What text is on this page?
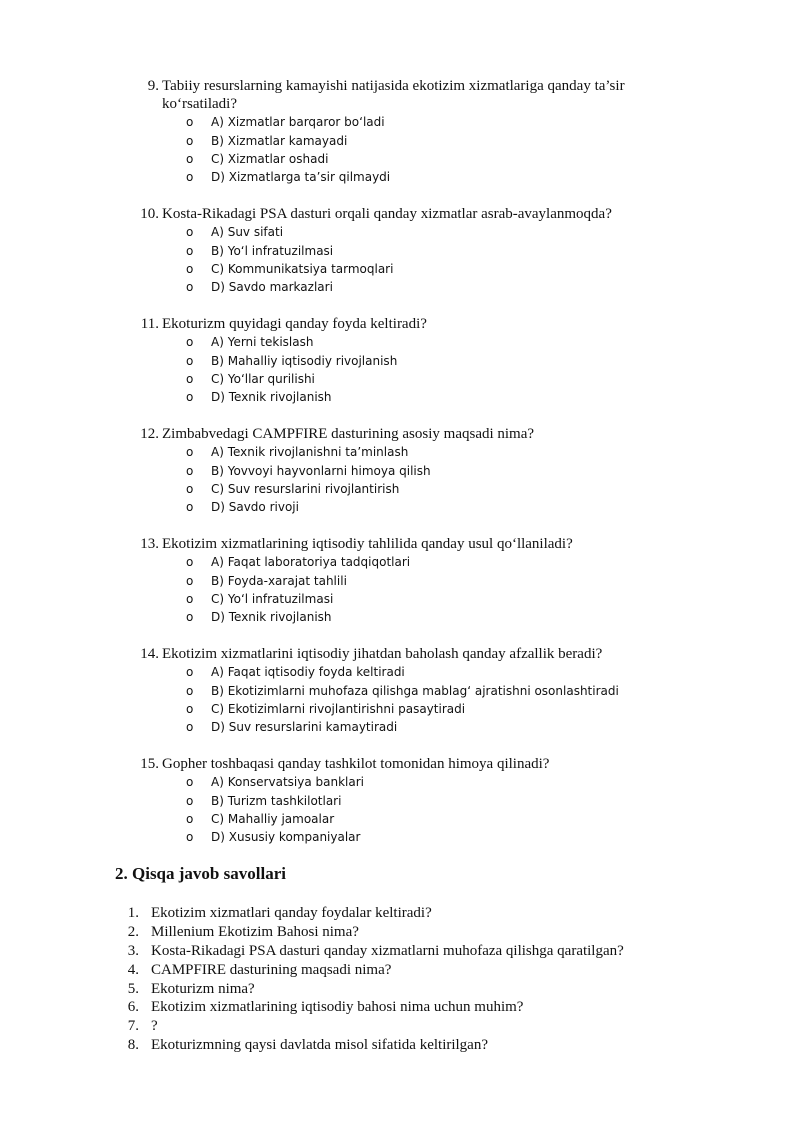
9. Tabiiy resurslarning kamayishi natijasida ekotizim xizmatlariga qanday ta’sir ko‘rsatiladi?
o	A) Xizmatlar barqaror bo‘ladi
o	B) Xizmatlar kamayadi
o	C) Xizmatlar oshadi
o	D) Xizmatlarga ta’sir qilmaydi
10. Kosta-Rikadagi PSA dasturi orqali qanday xizmatlar asrab-avaylanmoqda?
o	A) Suv sifati
o	B) Yo‘l infratuzilmasi
o	C) Kommunikatsiya tarmoqlari
o	D) Savdo markazlari
11. Ekoturizm quyidagi qanday foyda keltiradi?
o	A) Yerni tekislash
o	B) Mahalliy iqtisodiy rivojlanish
o	C) Yo‘llar qurilishi
o	D) Texnik rivojlanish
12. Zimbabvedagi CAMPFIRE dasturining asosiy maqsadi nima?
o	A) Texnik rivojlanishni ta’minlash
o	B) Yovvoyi hayvonlarni himoya qilish
o	C) Suv resurslarini rivojlantirish
o	D) Savdo rivoji
13. Ekotizim xizmatlarining iqtisodiy tahlilida qanday usul qo‘llaniladi?
o	A) Faqat laboratoriya tadqiqotlari
o	B) Foyda-xarajat tahlili
o	C) Yo‘l infratuzilmasi
o	D) Texnik rivojlanish
14. Ekotizim xizmatlarini iqtisodiy jihatdan baholash qanday afzallik beradi?
o	A) Faqat iqtisodiy foyda keltiradi
o	B) Ekotizimlarni muhofaza qilishga mablag‘ ajratishni osonlashtiradi
o	C) Ekotizimlarni rivojlantirishni pasaytiradi
o	D) Suv resurslarini kamaytiradi
15. Gopher toshbaqasi qanday tashkilot tomonidan himoya qilinadi?
o	A) Konservatsiya banklari
o	B) Turizm tashkilotlari
o	C) Mahalliy jamoalar
o	D) Xususiy kompaniyalar
2. Qisqa javob savollari
1. Ekotizim xizmatlari qanday foydalar keltiradi?
2. Millenium Ekotizim Bahosi nima?
3. Kosta-Rikadagi PSA dasturi qanday xizmatlarni muhofaza qilishga qaratilgan?
4. CAMPFIRE dasturining maqsadi nima?
5. Ekoturizm nima?
6. Ekotizim xizmatlarining iqtisodiy bahosi nima uchun muhim?
7. ?
8. Ekoturizmning qaysi davlatda misol sifatida keltirilgan?
